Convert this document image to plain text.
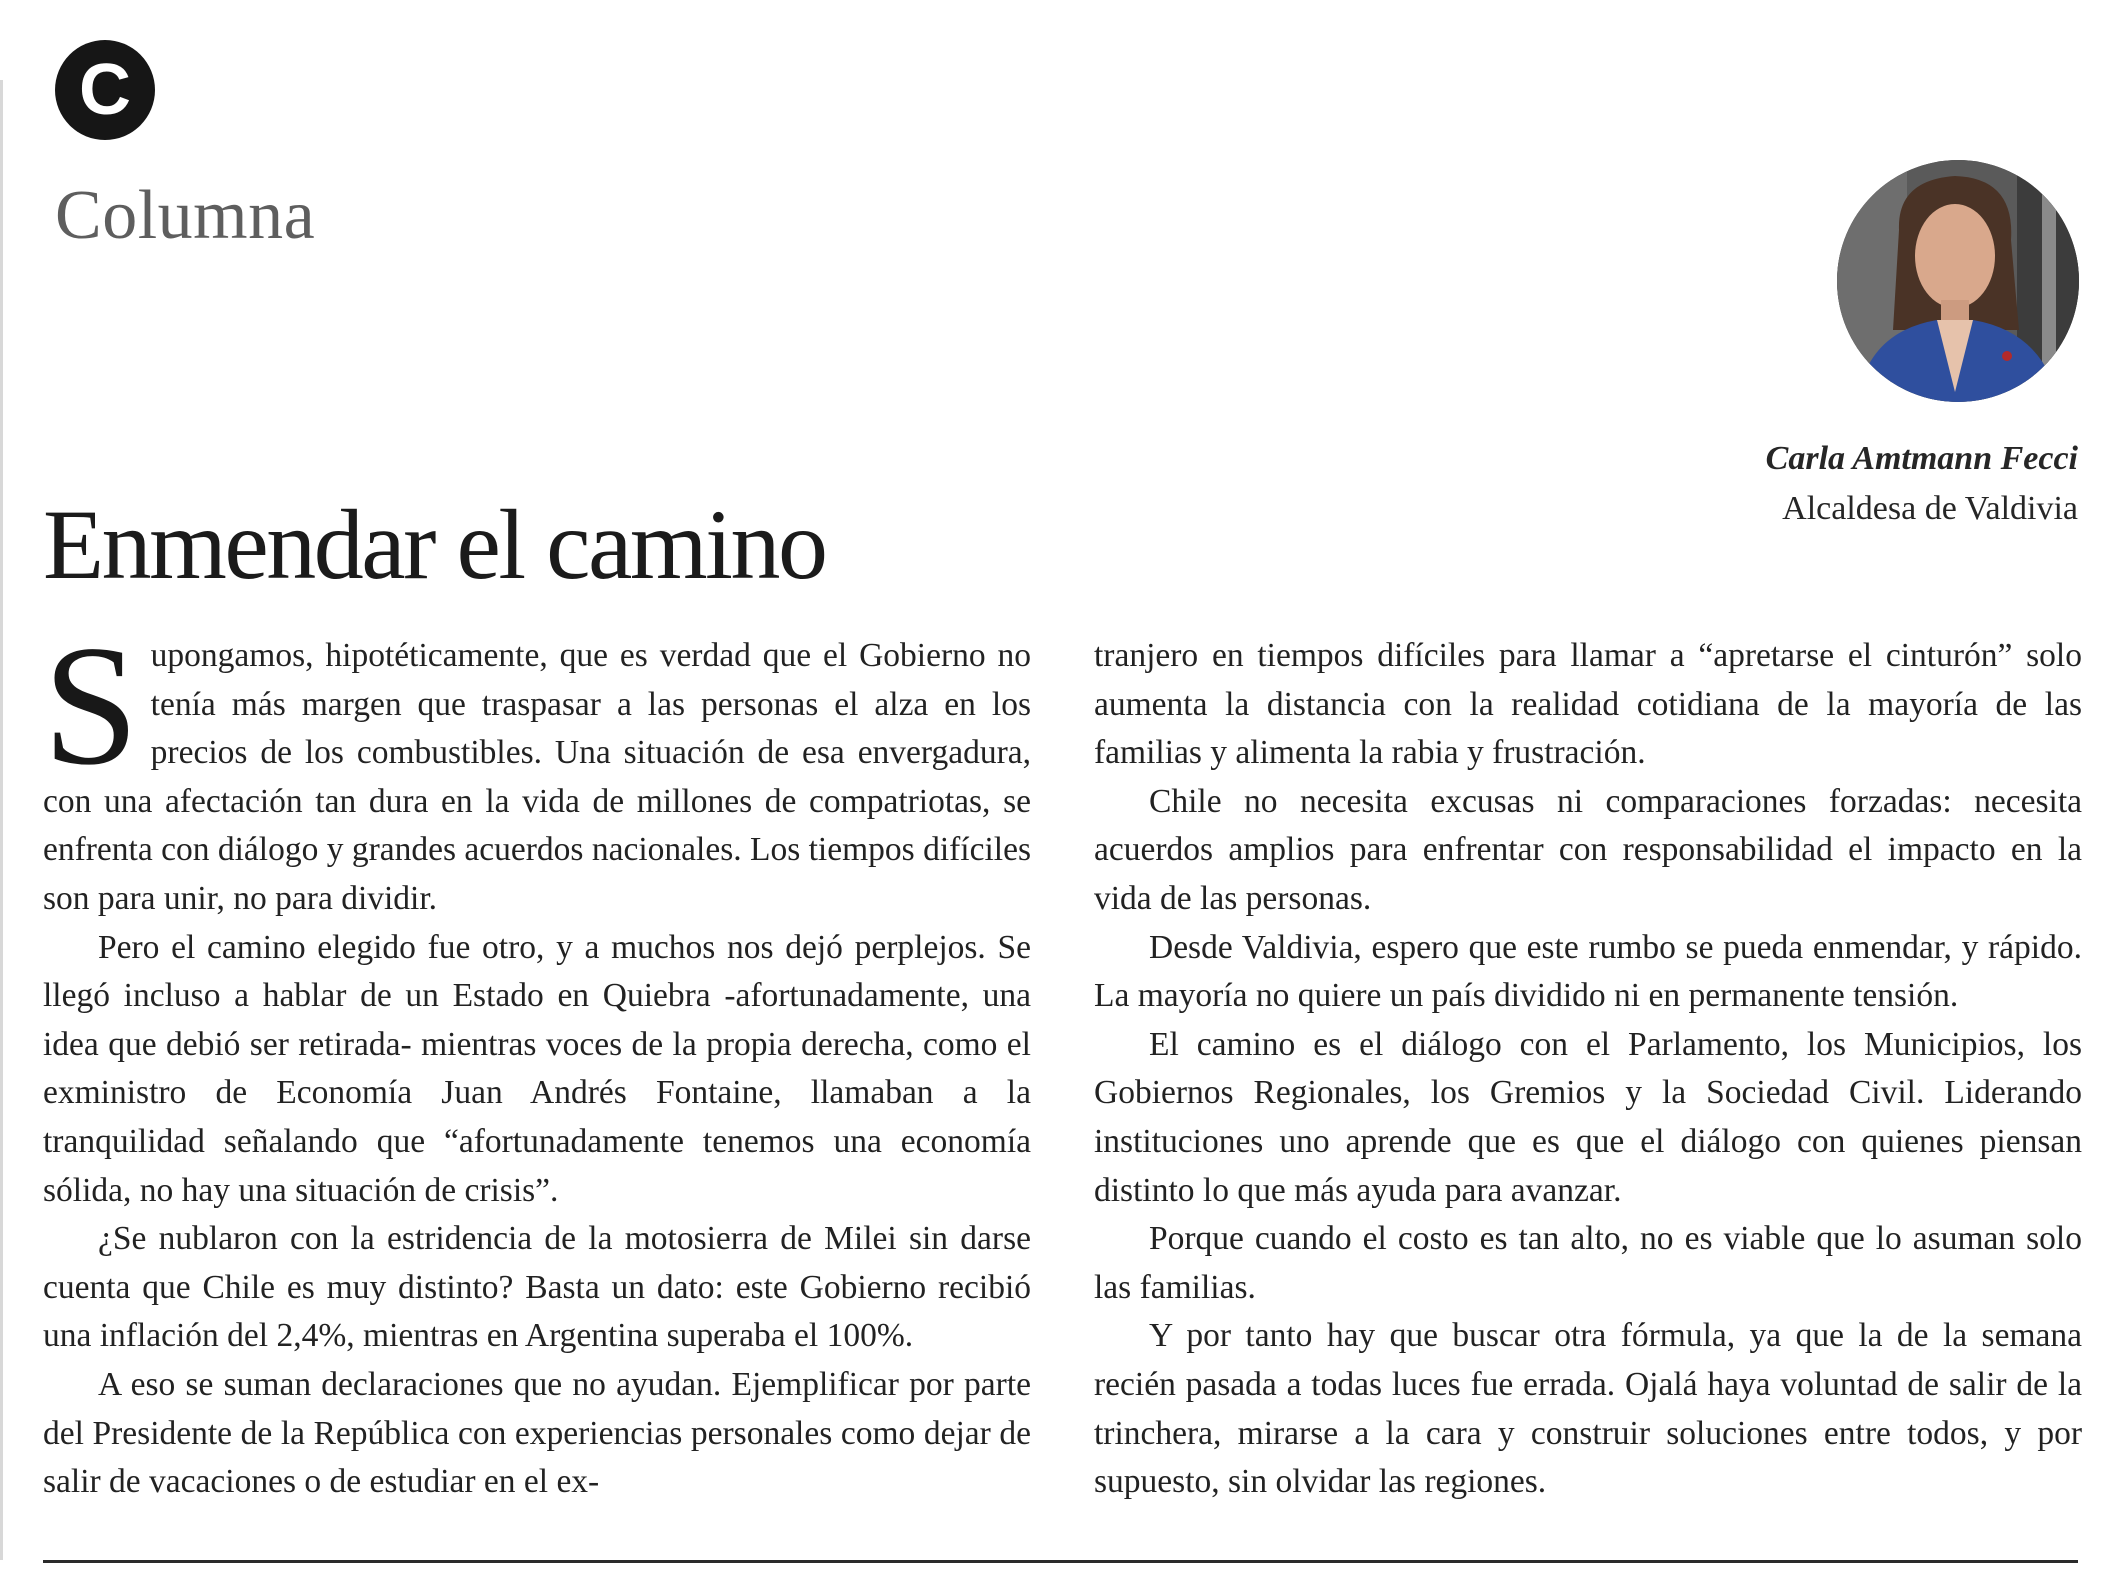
C
Columna
Carla Amtmann Fecci
Alcaldesa de Valdivia
Enmendar el camino

Supongamos, hipotéticamente, que es verdad que el Gobierno no tenía más margen que traspasar a las personas el alza en los precios de los combustibles. Una situación de esa envergadura, con una afectación tan dura en la vida de millones de compatriotas, se enfrenta con diálogo y grandes acuerdos nacionales. Los tiempos difíciles son para unir, no para dividir.

Pero el camino elegido fue otro, y a muchos nos dejó perplejos. Se llegó incluso a hablar de un Estado en Quiebra -afortunadamente, una idea que debió ser retirada- mientras voces de la propia derecha, como el exministro de Economía Juan Andrés Fontaine, llamaban a la tranquilidad señalando que “afortunadamente tenemos una economía sólida, no hay una situación de crisis”.

¿Se nublaron con la estridencia de la motosierra de Milei sin darse cuenta que Chile es muy distinto? Basta un dato: este Gobierno recibió una inflación del 2,4%, mientras en Argentina superaba el 100%.

A eso se suman declaraciones que no ayudan. Ejemplificar por parte del Presidente de la República con experiencias personales como dejar de salir de vacaciones o de estudiar en el ex-

tranjero en tiempos difíciles para llamar a “apretarse el cinturón” solo aumenta la distancia con la realidad cotidiana de la mayoría de las familias y alimenta la rabia y frustración.

Chile no necesita excusas ni comparaciones forzadas: necesita acuerdos amplios para enfrentar con responsabilidad el impacto en la vida de las personas.

Desde Valdivia, espero que este rumbo se pueda enmendar, y rápido. La mayoría no quiere un país dividido ni en permanente tensión.

El camino es el diálogo con el Parlamento, los Municipios, los Gobiernos Regionales, los Gremios y la Sociedad Civil. Liderando instituciones uno aprende que es que el diálogo con quienes piensan distinto lo que más ayuda para avanzar.

Porque cuando el costo es tan alto, no es viable que lo asuman solo las familias.

Y por tanto hay que buscar otra fórmula, ya que la de la semana recién pasada a todas luces fue errada. Ojalá haya voluntad de salir de la trinchera, mirarse a la cara y construir soluciones entre todos, y por supuesto, sin olvidar las regiones.
